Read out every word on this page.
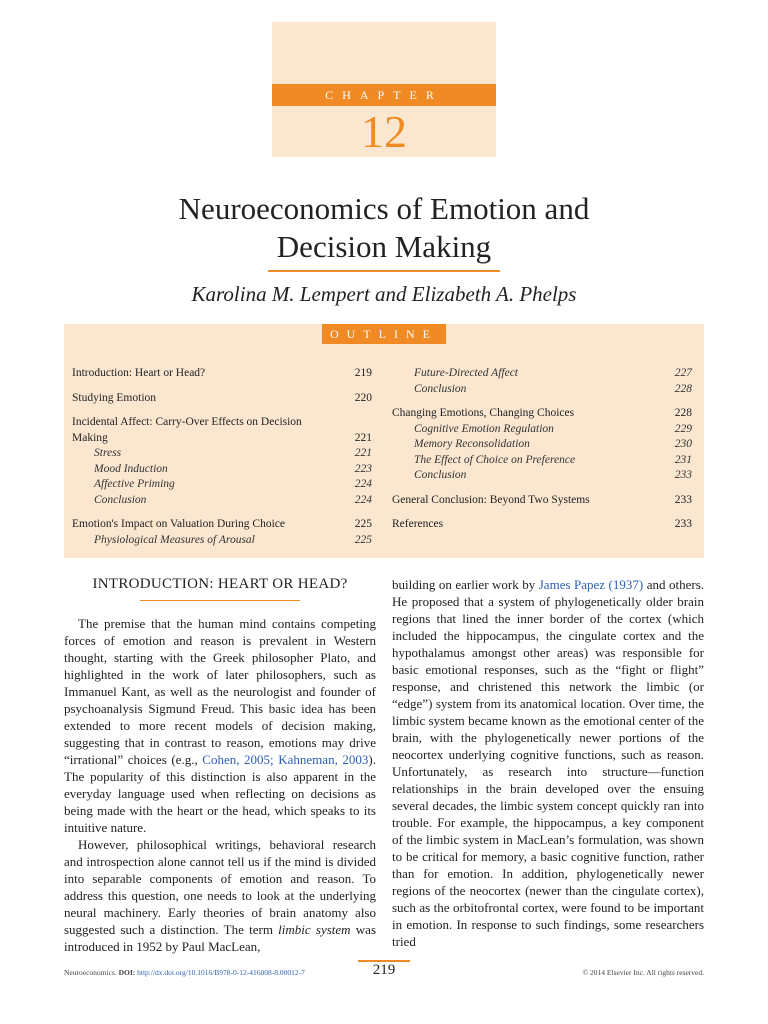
CHAPTER
12
Neuroeconomics of Emotion and
Decision Making
Karolina M. Lempert and Elizabeth A. Phelps
OUTLINE
Introduction: Heart or Head?	219
Studying Emotion	220
Incidental Affect: Carry-Over Effects on Decision
Making	221
Stress	221
Mood Induction	223
Affective Priming	224
Conclusion	224
Emotion's Impact on Valuation During Choice	225
Physiological Measures of Arousal	225
Future-Directed Affect	227
Conclusion	228
Changing Emotions, Changing Choices	228
Cognitive Emotion Regulation	229
Memory Reconsolidation	230
The Effect of Choice on Preference	231
Conclusion	233
General Conclusion: Beyond Two Systems	233
References	233
INTRODUCTION: HEART OR HEAD?

The premise that the human mind contains competing forces of emotion and reason is prevalent in Western thought, starting with the Greek philosopher Plato, and highlighted in the work of later philosophers, such as Immanuel Kant, as well as the neurologist and founder of psychoanalysis Sigmund Freud. This basic idea has been extended to more recent models of decision making, suggesting that in contrast to reason, emotions may drive “irrational” choices (e.g., Cohen, 2005; Kahneman, 2003). The popularity of this distinction is also apparent in the everyday language used when reflecting on decisions as being made with the heart or the head, which speaks to its intuitive nature.

However, philosophical writings, behavioral research and introspection alone cannot tell us if the mind is divided into separable components of emotion and reason. To address this question, one needs to look at the underlying neural machinery. Early theories of brain anatomy also suggested such a distinction. The term limbic system was introduced in 1952 by Paul MacLean,

building on earlier work by James Papez (1937) and others. He proposed that a system of phylogenetically older brain regions that lined the inner border of the cortex (which included the hippocampus, the cingulate cortex and the hypothalamus amongst other areas) was responsible for basic emotional responses, such as the “fight or flight” response, and christened this network the limbic (or “edge”) system from its anatomical location. Over time, the limbic system became known as the emotional center of the brain, with the phylogenetically newer portions of the neocortex underlying cognitive functions, such as reason. Unfortunately, as research into structure—function relationships in the brain developed over the ensuing several decades, the limbic system concept quickly ran into trouble. For example, the hippocampus, a key component of the limbic system in MacLean’s formulation, was shown to be critical for memory, a basic cognitive function, rather than for emotion. In addition, phylogenetically newer regions of the neocortex (newer than the cingulate cortex), such as the orbitofrontal cortex, were found to be important in emotion. In response to such findings, some researchers tried

Neuroeconomics. DOI: http://dx.doi.org/10.1016/B978-0-12-416008-8.00012-7	219	© 2014 Elsevier Inc. All rights reserved.
